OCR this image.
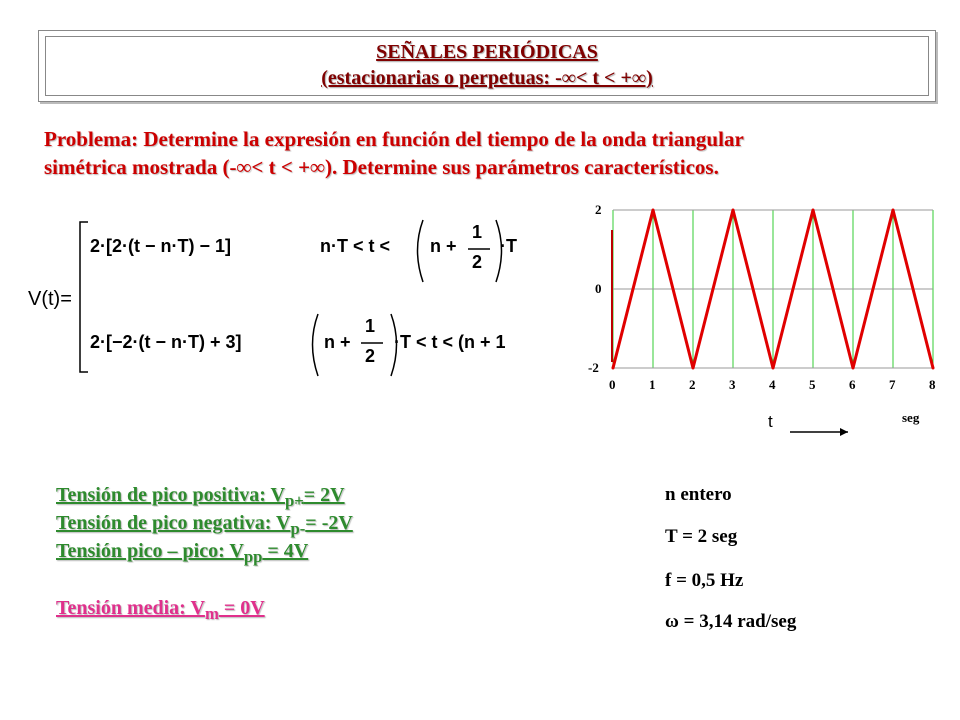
SEÑALES PERIÓDICAS
(estacionarias o perpetuas: -∞< t < +∞)
Problema: Determine la expresión en función del tiempo de la onda triangular
simétrica mostrada (-∞< t < +∞). Determine sus parámetros característicos.
V(t)=
2·[2·(t − n·T) − 1]	n·T < t < n +
1
2
·T
2·[−2·(t − n·T) + 3]	n +
1
2
·T < t < (n + 1
0	1	2	3	4	5	6	7	8
2
0
-2
t	seg
Tensión de pico positiva: $V_{p+}= 2V$
Tensión de pico negativa: $V_{p-}= -2V$
Tensión pico – pico: $V_{pp} = 4V$
Tensión media: $V_m = 0V$
n entero
T = 2 seg
f = 0,5 Hz
ω = 3,14 rad/seg
